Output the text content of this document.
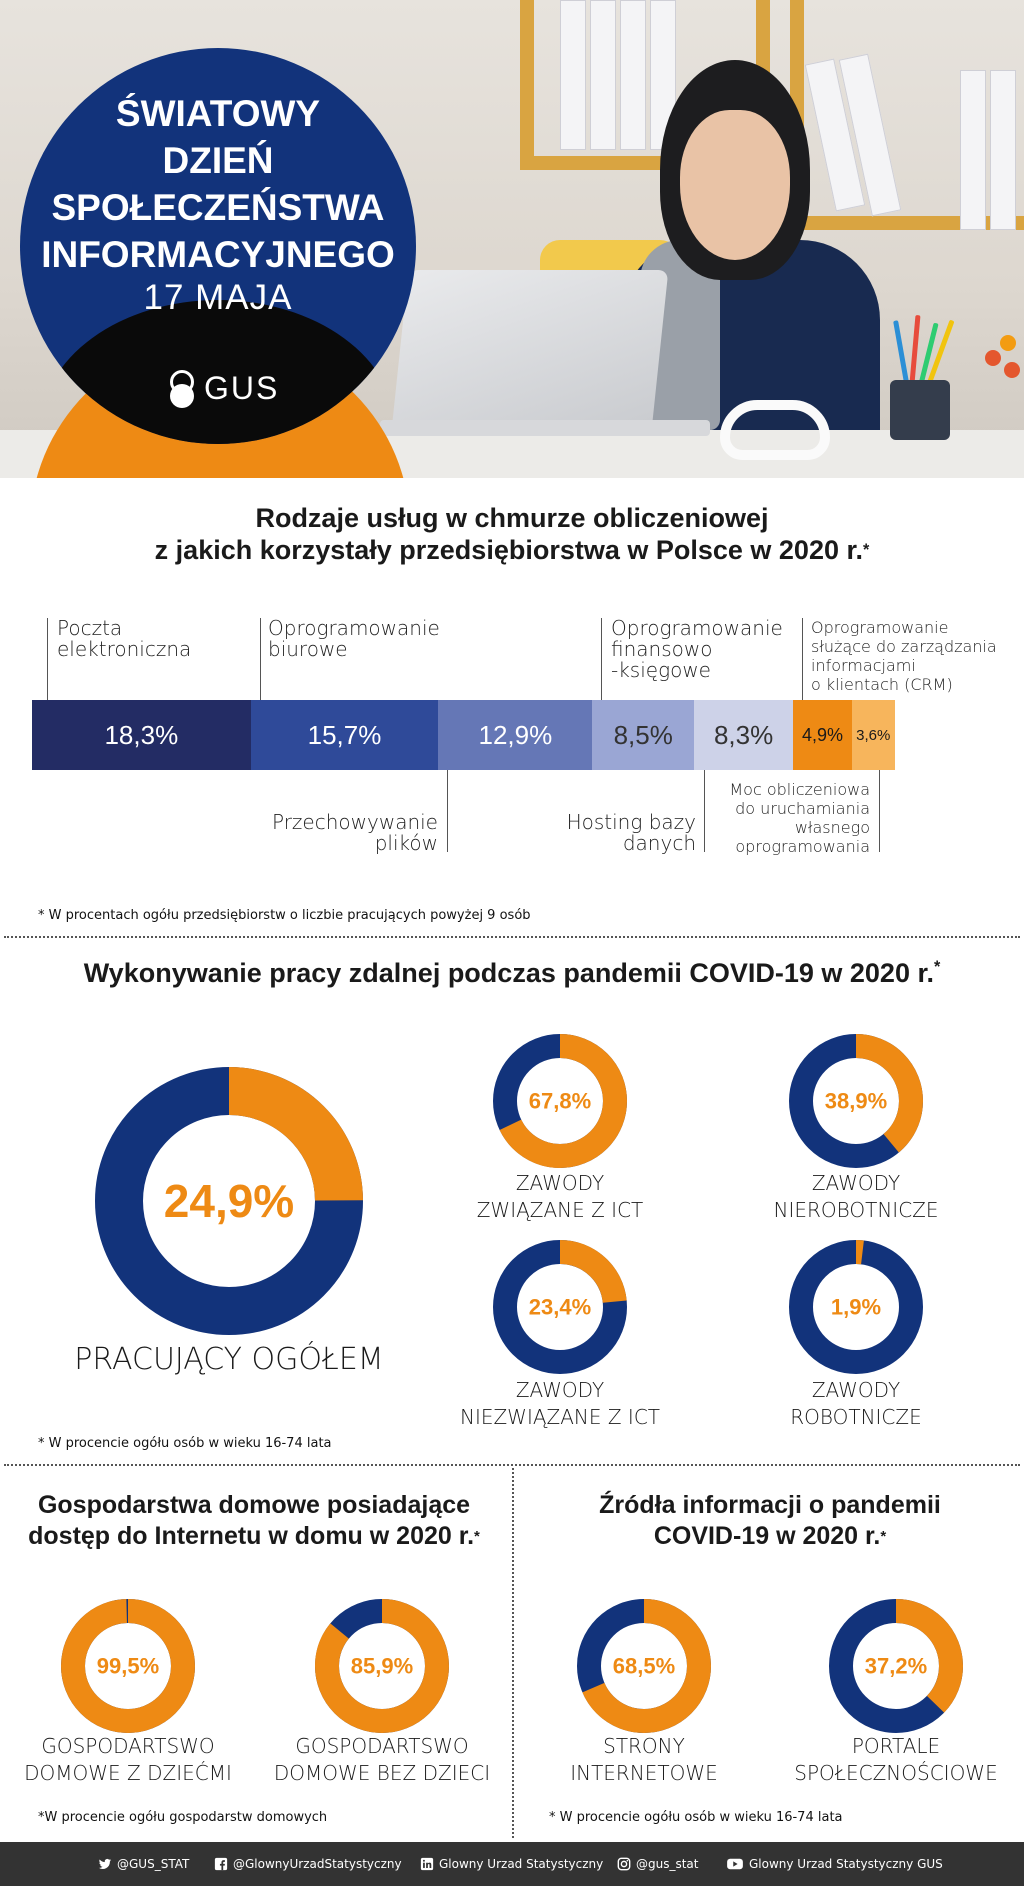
ŚWIATOWY
DZIEŃ
SPOŁECZEŃSTWA
INFORMACYJNEGO
17 MAJA
GUS
Rodzaje usług w chmurze obliczeniowej
z jakich korzystały przedsiębiorstwa w Polsce w 2020 r.*
Poczta
elektroniczna
Oprogramowanie
biurowe
Oprogramowanie
finansowo
-księgowe
Oprogramowanie
służące do zarządzania
informacjami
o klientach (CRM)
18,3%	15,7%	12,9% 8,5% 8,3% 4,9% 3,6%
Przechowywanie
plików
Hosting bazy
danych
Moc obliczeniowa
do uruchamiania
własnego
oprogramowania
* W procentach ogółu przedsiębiorstw o liczbie pracujących powyżej 9 osób
Wykonywanie pracy zdalnej podczas pandemii COVID-19 w 2020 r.*
24,9%
PRACUJĄCY OGÓŁEM
67,8%
ZAWODY
ZWIĄZANE Z ICT
38,9%
ZAWODY
NIEROBOTNICZE
23,4%
ZAWODY
NIEZWIĄZANE Z ICT
1,9%
ZAWODY
ROBOTNICZE
* W procencie ogółu osób w wieku 16-74 lata
Gospodarstwa domowe posiadające
dostęp do Internetu w domu w 2020 r.*
99,5%
GOSPODARTSWO
DOMOWE Z DZIEĆMI
85,9%
GOSPODARTSWO
DOMOWE BEZ DZIECI
*W procencie ogółu gospodarstw domowych
Źródła informacji o pandemii
COVID-19 w 2020 r.*
68,5%
STRONY
INTERNETOWE
37,2%
PORTALE
SPOŁECZNOŚCIOWE
* W procencie ogółu osób w wieku 16-74 lata
@GUS_STAT	@GlownyUrzadStatystyczny	Glowny Urzad Statystyczny	@gus_stat	Glowny Urzad Statystyczny GUS
